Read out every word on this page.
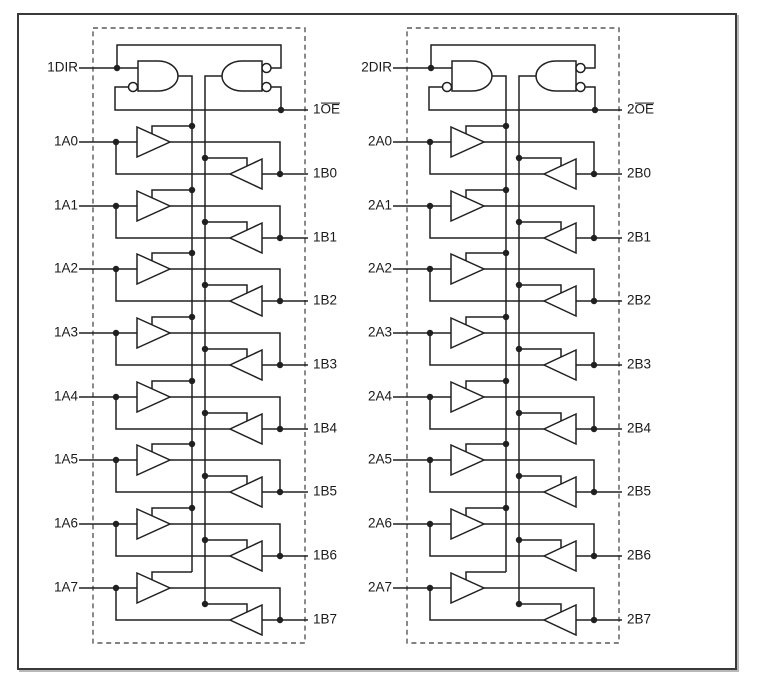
1DIR
1OE
1A0
1A1
1A2
1A3
1A4
1A5
1A6
1A7
1B0
1B1
1B2
1B3
1B4
1B5
1B6
1B7
2DIR
2OE
2A0
2A1
2A2
2A3
2A4
2A5
2A6
2A7
2B0
2B1
2B2
2B3
2B4
2B5
2B6
2B7
